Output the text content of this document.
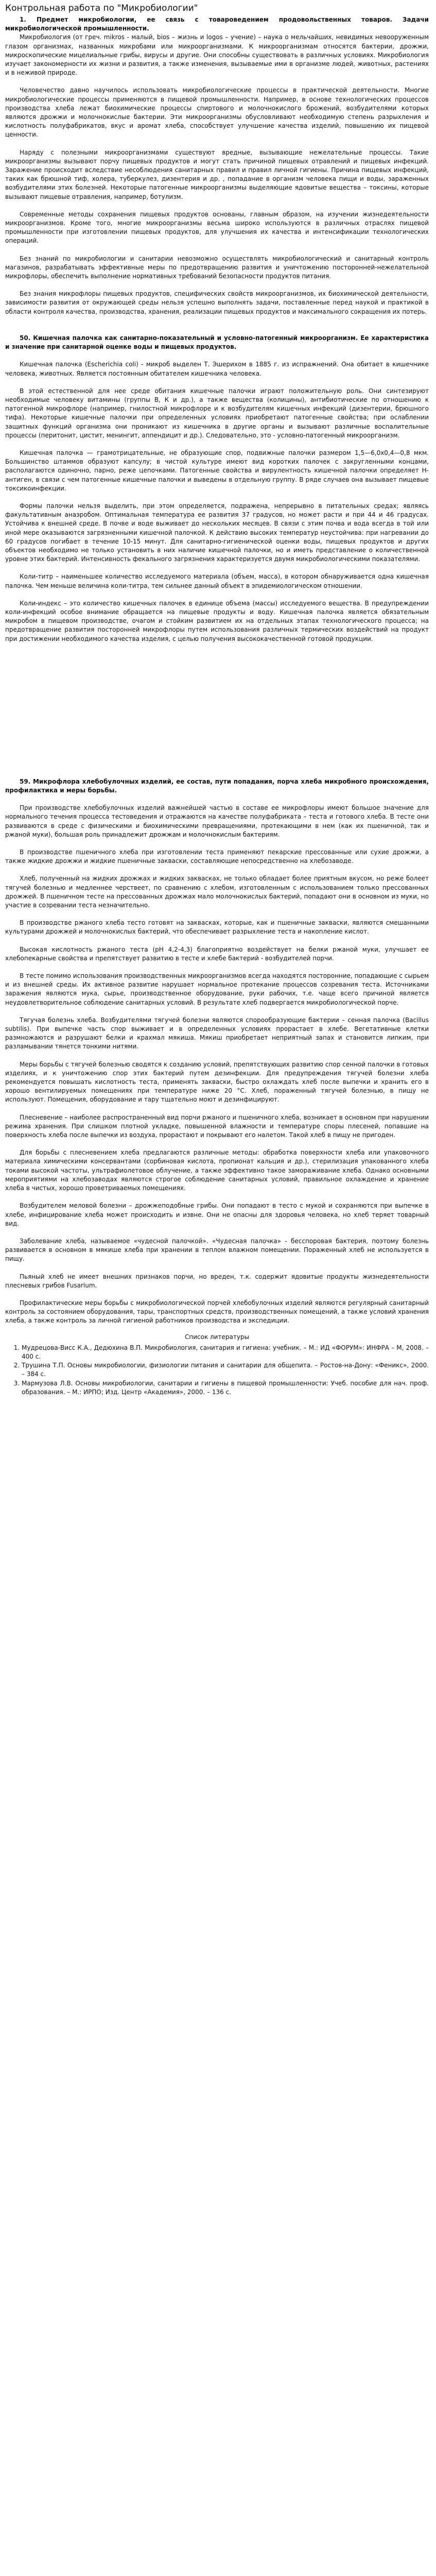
Контрольная работа по "Микробиологии"

1. Предмет микробиологии, ее связь с товароведением продовольственных товаров. Задачи микробиологической промышленности.

Микробиология (от греч. mikros - малый, bios – жизнь и logos – учение) – наука о мельчайших, невидимых невооруженным глазом организмах, названных микробами или микроорганизмами. К микроорганизмам относятся бактерии, дрожжи, микроскопические мицелиальные грибы, вирусы и другие. Они способны существовать в различных условиях. Микробиология изучает закономерности их жизни и развития, а также изменения, вызываемые ими в организме людей, животных, растениях и в неживой природе.

Человечество давно научилось использовать микробиологические процессы в практической деятельности. Многие микробиологические процессы применяются в пищевой промышленности. Например, в основе технологических процессов производства хлеба лежат биохимические процессы спиртового и молочнокислого брожений, возбудителями которых являются дрожжи и молочнокислые бактерии. Эти микроорганизмы обусловливают необходимую степень разрыхления и кислотность полуфабрикатов, вкус и аромат хлеба, способствует улучшение качества изделий, повышению их пищевой ценности.

Наряду с полезными микроорганизмами существуют вредные, вызывающие нежелательные процессы. Такие микроорганизмы вызывают порчу пищевых продуктов и могут стать причиной пищевых отравлений и пищевых инфекций. Заражение происходит вследствие несоблюдения санитарных правил и правил личной гигиены. Причина пищевых инфекций, таких как брюшной тиф, холера, туберкулез, дизентерия и др. , попадание в организм человека пищи и воды, зараженных возбудителями этих болезней. Некоторые патогенные микроорганизмы выделяющие ядовитые вещества – токсины, которые вызывают пищевые отравления, например, ботулизм.

Современные методы сохранения пищевых продуктов основаны, главным образом, на изучении жизнедеятельности микроорганизмов. Кроме того, многие микроорганизмы весьма широко используются в различных отраслях пищевой промышленности при изготовлении пищевых продуктов, для улучшения их качества и интенсификации технологических операций.

Без знаний по микробиологии и санитарии невозможно осуществлять микробиологический и санитарный контроль магазинов, разрабатывать эффективные меры по предотвращению развития и уничтожению посторонней-нежелательной микрофлоры, обеспечить выполнение нормативных требований безопасности продуктов питания.

Без знания микрофлоры пищевых продуктов, специфических свойств микроорганизмов, их биохимической деятельности, зависимости развития от окружающей среды нельзя успешно выполнять задачи, поставленные перед наукой и практикой в области контроля качества, производства, хранения, реализации пищевых продуктов и максимального сокращения их потерь.

50. Кишечная палочка как санитарно-показательный и условно-патогенный микроорганизм. Ее характеристика и значение при санитарной оценке воды и пищевых продуктов.

Кишечная палочка (Escherichia coli) - микроб выделен Т. Эшерихом в 1885 г. из испражнений. Она обитает в кишечнике человека, животных. Является постоянным обитателем кишечника человека.

В этой естественной для нее среде обитания кишечные палочки играют положительную роль. Они синтезируют необходимые человеку витамины (группы В, К и др.), а также вещества (колицины), антибиотические по отношению к патогенной микрофлоре (например, гнилостной микрофлоре и к возбудителям кишечных инфекций (дизентерии, брюшного тифа). Некоторые кишечные палочки при определенных условиях приобретают патогенные свойства; при ослаблении защитных функций организма они проникают из кишечника в другие органы и вызывают различные воспалительные процессы (перитонит, цистит, менингит, аппендицит и др.). Следовательно, это - условно-патогенный микроорганизм.

Кишечная палочка — грамотрицательные, не образующие спор, подвижные палочки размером 1,5—6,0х0,4—0,8 мкм. Большинство штаммов образуют капсулу; в чистой культуре имеют вид коротких палочек с закругленными концами, располагаются одиночно, парно, реже цепочками. Патогенные свойства и вирулентность кишечной палочки определяет Н-антиген, в связи с чем патогенные кишечные палочки и выведены в отдельную группу. В ряде случаев она вызывает пищевые токсикоинфекции.

Формы палочки нельзя выделить, при этом определяется, подражена, непрерывно в питательных средах; являясь факультативным анаэробом. Оптимальная температура ее развития 37 градусов, но может расти и при 44 и 46 градусах. Устойчива к внешней среде. В почве и воде выживает до нескольких месяцев. В связи с этим почва и вода всегда в той или иной мере оказываются загрязненными кишечной палочкой. К действию высоких температур неустойчива: при нагревании до 60 градусов погибает в течение 10-15 минут. Для санитарно-гигиенической оценки воды, пищевых продуктов и других объектов необходимо не только установить в них наличие кишечной палочки, но и иметь представление о количественной уровне этих бактерий. Интенсивность фекального загрязнения характеризуется двумя микробиологическими показателями.

Коли-титр – наименьшее количество исследуемого материала (объем, масса), в котором обнаруживается одна кишечная палочка. Чем меньше величина коли-титра, тем сильнее данный объект в эпидемиологическом отношении.

Коли-индекс – это количество кишечных палочек в единице объема (массы) исследуемого вещества. В предупреждении коли-инфекций особое внимание обращается на пищевые продукты и воду. Кишечная палочка является обязательным микробом в пищевом производстве, очагом и стойким развитием их на отдельных этапах технологического процесса; на предотвращение развития посторонней микрофлоры путем использования различных термических воздействий на продукт при достижении необходимого качества изделия, с целью получения высококачественной готовой продукции.

59. Микрофлора хлебобулочных изделий, ее состав, пути попадания, порча хлеба микробного происхождения, профилактика и меры борьбы.

При производстве хлебобулочных изделий важнейшей частью в составе ее микрофлоры имеют большое значение для нормального течения процесса тестоведения и отражаются на качестве полуфабриката – теста и готового хлеба. В тесте они развиваются в среде с физическими и биохимическими превращениями, протекающими в нем (как их пшеничной, так и ржаной муки), большая роль принадлежит дрожжам и молочнокислым бактериям.

В производстве пшеничного хлеба при изготовлении теста применяют пекарские прессованные или сухие дрожжи, а также жидкие дрожжи и жидкие пшеничные закваски, составляющие непосредственно на хлебозаводе.

Хлеб, полученный на жидких дрожжах и жидких заквасках, не только обладает более приятным вкусом, но реже болеет тягучей болезнью и медленнее черствеет, по сравнению с хлебом, изготовленным с использованием только прессованных дрожжей. В пшеничном тесте на прессованных дрожжах мало молочнокислых бактерий, попадают они в основном из муки, но участие в созревании теста незначительно.

В производстве ржаного хлеба тесто готовят на заквасках, которые, как и пшеничные закваски, являются смешанными культурами дрожжей и молочнокислых бактерий, что обеспечивает разрыхление теста и накопление кислот.

Высокая кислотность ржаного теста (pH 4,2-4,3) благоприятно воздействует на белки ржаной муки, улучшает ее хлебопекарные свойства и препятствует развитию в тесте и хлебе бактерий - возбудителей порчи.

В тесте помимо использования производственных микроорганизмов всегда находятся посторонние, попадающие с сырьем и из внешней среды. Их активное развитие нарушает нормальное протекание процессов созревания теста. Источниками заражения являются мука, сырье, производственное оборудование, руки рабочих, т.е. чаще всего причиной является неудовлетворительное соблюдение санитарных условий. В результате хлеб подвергается микробиологической порче.

Тягучая болезнь хлеба. Возбудителями тягучей болезни являются спорообразующие бактерии – сенная палочка (Bacillus subtilis). При выпечке часть спор выживает и в определенных условиях прорастает в хлебе. Вегетативные клетки размножаются и разрушают белки и крахмал мякиша. Мякиш приобретает неприятный запах и становится липким, при разламывании тянется тонкими нитями.

Меры борьбы с тягучей болезнью сводятся к созданию условий, препятствующих развитию спор сенной палочки в готовых изделиях, и к уничтожению спор этих бактерий путем дезинфекции. Для предупреждения тягучей болезни хлеба рекомендуется повышать кислотность теста, применять закваски, быстро охлаждать хлеб после выпечки и хранить его в хорошо вентилируемых помещениях при температуре ниже 20 °С. Хлеб, пораженный тягучей болезнью, в пищу не используют. Помещения, оборудование и тару тщательно моют и дезинфицируют.

Плесневение – наиболее распространенный вид порчи ржаного и пшеничного хлеба, возникает в основном при нарушении режима хранения. При слишком плотной укладке, повышенной влажности и температуре споры плесеней, попавшие на поверхность хлеба после выпечки из воздуха, прорастают и покрывают его налетом. Такой хлеб в пищу не пригоден.

Для борьбы с плесневением хлеба предлагаются различные методы: обработка поверхности хлеба или упаковочного материала химическими консервантами (сорбиновая кислота, пропионат кальция и др.), стерилизация упакованного хлеба токами высокой частоты, ультрафиолетовое облучение, а также эффективно такое замораживание хлеба. Однако основными мероприятиями на хлебозаводах являются строгое соблюдение санитарных условий, правильное охлаждение и хранение хлеба в чистых, хорошо проветриваемых помещениях.

Возбудителем меловой болезни – дрожжеподобные грибы. Они попадают в тесто с мукой и сохраняются при выпечке в хлебе, инфицирование хлеба может происходить и извне. Они не опасны для здоровья человека, но хлеб теряет товарный вид.

Заболевание хлеба, называемое «чудесной палочкой». «Чудесная палочка» - бесспоровая бактерия, поэтому болезнь развивается в основном в мякише хлеба при хранении в теплом влажном помещении. Пораженный хлеб не используется в пищу.

Пьяный хлеб не имеет внешних признаков порчи, но вреден, т.к. содержит ядовитые продукты жизнедеятельности плесневых грибов Fusarium.

Профилактические меры борьбы с микробиологической порчей хлебобулочных изделий являются регулярный санитарный контроль за состоянием оборудования, тары, транспортных средств, производственных помещений, а также условий хранения хлеба, а также контроль за личной гигиеной работников производства и экспедиции.

Список литературы

1. Мудрецова-Висс К.А., Дедюхина В.П. Микробиология, санитария и гигиена: учебник. – М.: ИД «ФОРУМ»: ИНФРА – М, 2008. – 400 с.
2. Трушина Т.П. Основы микробиологии, физиологии питания и санитарии для общепита. – Ростов-на-Дону: «Феникс», 2000. – 384 с.
3. Мармузова Л.В. Основы микробиологии, санитарии и гигиены в пищевой промышленности: Учеб. пособие для нач. проф. образования. – М.: ИРПО; Изд. Центр «Академия», 2000. – 136 с.
